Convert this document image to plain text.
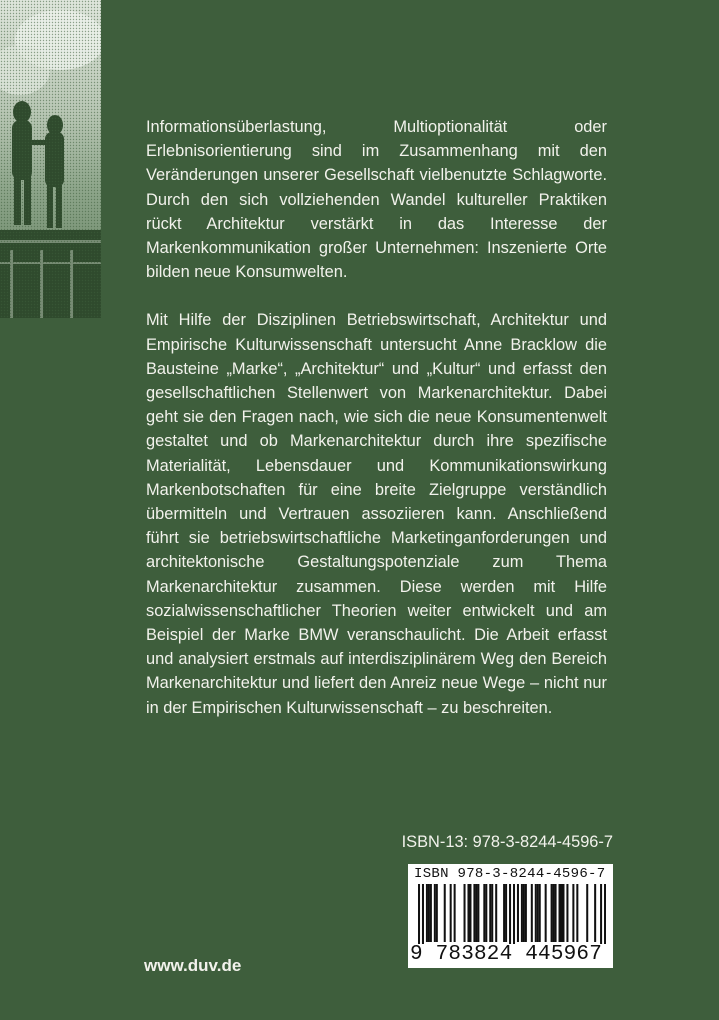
Informationsüberlastung, Multioptionalität oder Erlebnisorientierung sind im Zusammenhang mit den Veränderungen unserer Gesellschaft vielbenutzte Schlagworte. Durch den sich vollziehenden Wandel kultureller Praktiken rückt Architektur verstärkt in das Interesse der Markenkommunikation großer Unternehmen: Inszenierte Orte bilden neue Konsumwelten.

Mit Hilfe der Disziplinen Betriebswirtschaft, Architektur und Empirische Kulturwissenschaft untersucht Anne Bracklow die Bausteine „Marke“, „Architektur“ und „Kultur“ und erfasst den gesellschaftlichen Stellenwert von Markenarchitektur. Dabei geht sie den Fragen nach, wie sich die neue Konsumentenwelt gestaltet und ob Markenarchitektur durch ihre spezifische Materialität, Lebensdauer und Kommunikationswirkung Markenbotschaften für eine breite Zielgruppe verständlich übermitteln und Vertrauen assoziieren kann. Anschließend führt sie betriebswirtschaftliche Marketinganforderungen und architektonische Gestaltungspotenziale zum Thema Markenarchitektur zusammen. Diese werden mit Hilfe sozialwissenschaftlicher Theorien weiter entwickelt und am Beispiel der Marke BMW veranschaulicht. Die Arbeit erfasst und analysiert erstmals auf interdisziplinärem Weg den Bereich Markenarchitektur und liefert den Anreiz neue Wege – nicht nur in der Empirischen Kulturwissenschaft – zu beschreiten.

ISBN-13: 978-3-8244-4596-7
ISBN 978-3-8244-4596-7
9 783824 445967
www.duv.de
